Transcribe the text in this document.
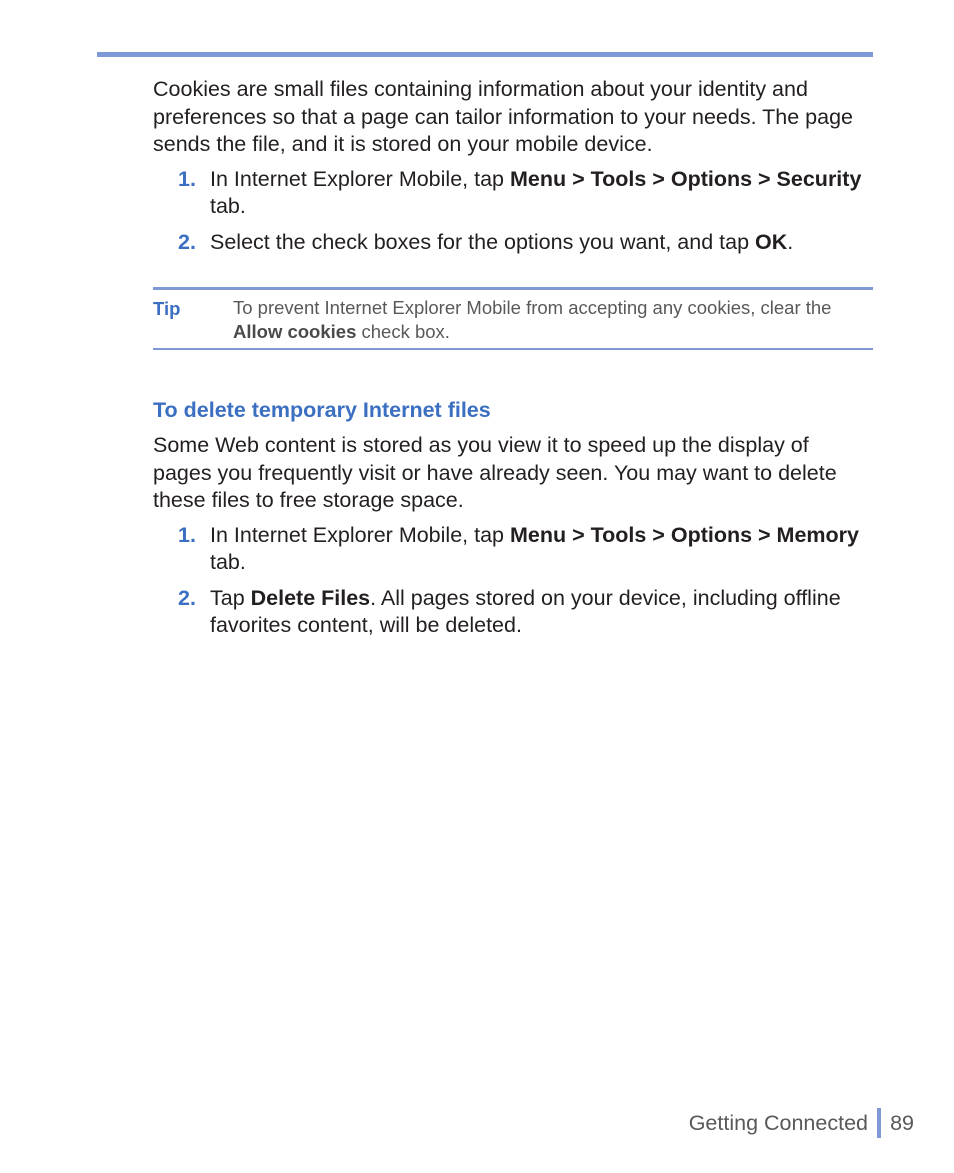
Cookies are small files containing information about your identity and preferences so that a page can tailor information to your needs. The page sends the file, and it is stored on your mobile device.

1. In Internet Explorer Mobile, tap Menu > Tools > Options > Security tab.
2. Select the check boxes for the options you want, and tap OK.
Tip	To prevent Internet Explorer Mobile from accepting any cookies, clear the Allow cookies check box.

To delete temporary Internet files

Some Web content is stored as you view it to speed up the display of pages you frequently visit or have already seen. You may want to delete these files to free storage space.

1. In Internet Explorer Mobile, tap Menu > Tools > Options > Memory tab.
2. Tap Delete Files. All pages stored on your device, including offline favorites content, will be deleted.
Getting Connected 89
